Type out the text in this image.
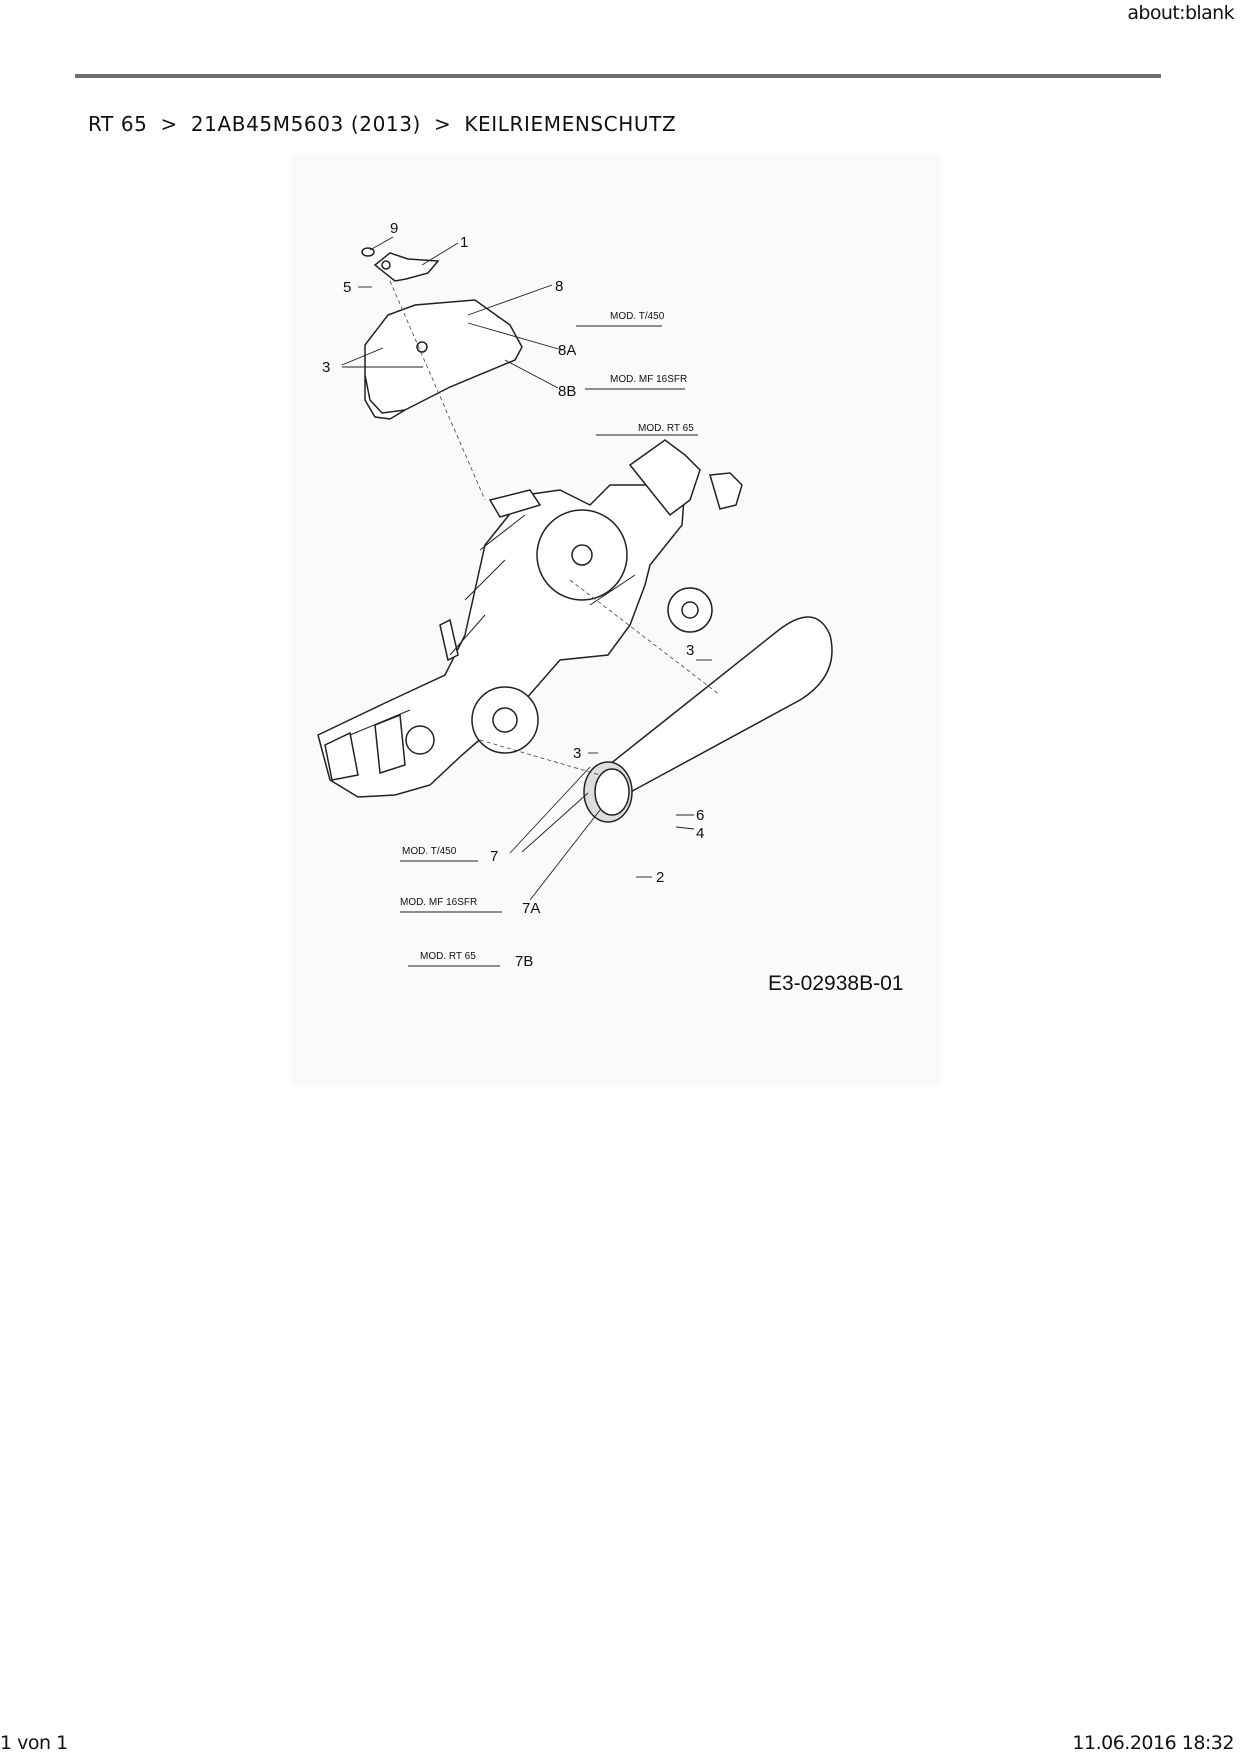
about:blank
RT 65 > 21AB45M5603 (2013) > KEILRIEMENSCHUTZ
9
1
5	8
8A
8B
3
3
3
6
4
2
7
7A
7B
MOD. T/450
MOD. MF 16SFR
MOD. RT 65
MOD. T/450
MOD. MF 16SFR
MOD. RT 65
E3-02938B-01
1 von 1	11.06.2016 18:32
